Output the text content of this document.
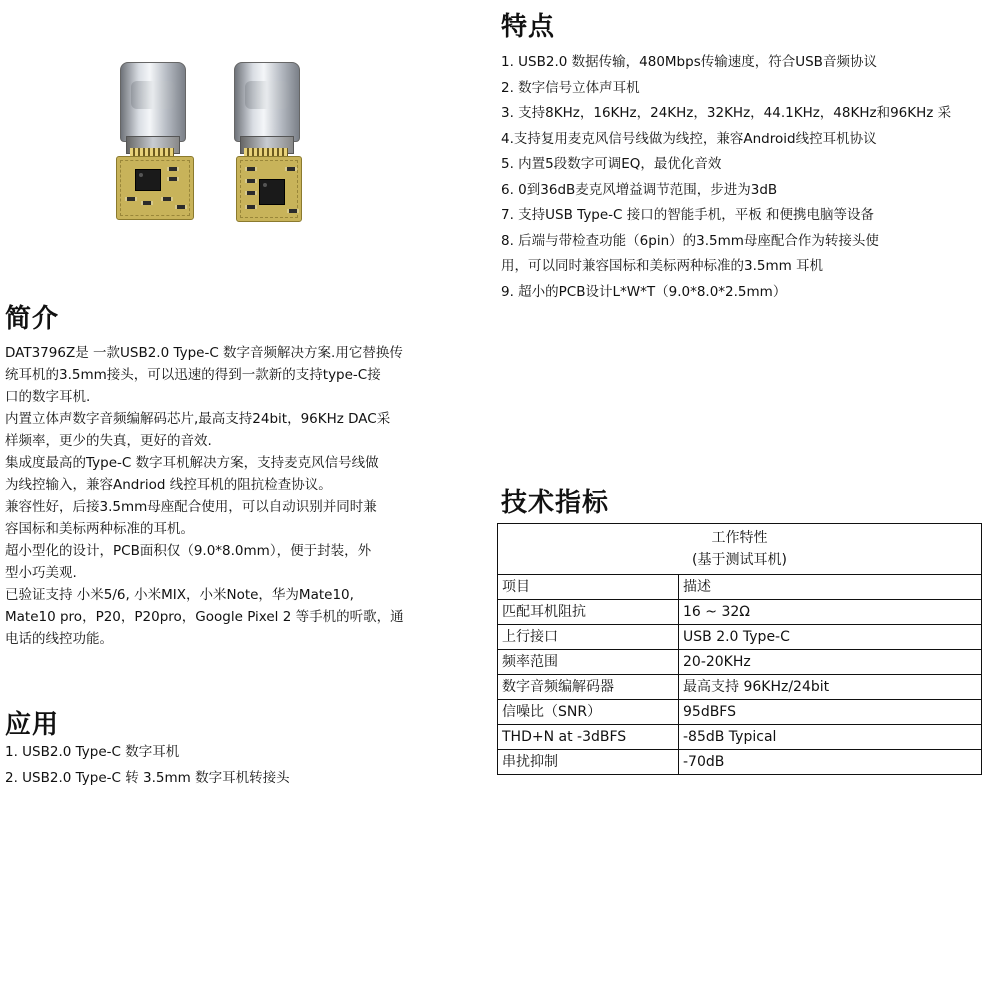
特点
1. USB2.0 数据传输，480Mbps传输速度，符合USB音频协议
2. 数字信号立体声耳机
3. 支持8KHz，16KHz，24KHz，32KHz，44.1KHz，48KHz和96KHz 采
4.支持复用麦克风信号线做为线控，兼容Android线控耳机协议
5. 内置5段数字可调EQ，最优化音效
6. 0到36dB麦克风增益调节范围，步进为3dB
7. 支持USB Type-C 接口的智能手机，平板 和便携电脑等设备
8. 后端与带检查功能（6pin）的3.5mm母座配合作为转接头使
用，可以同时兼容国标和美标两种标准的3.5mm 耳机
9. 超小的PCB设计L*W*T（9.0*8.0*2.5mm）
简介
DAT3796Z是 一款USB2.0 Type-C 数字音频解决方案.用它替换传
统耳机的3.5mm接头，可以迅速的得到一款新的支持type-C接
口的数字耳机.
内置立体声数字音频编解码芯片,最高支持24bit，96KHz DAC采
样频率，更少的失真，更好的音效.
集成度最高的Type-C 数字耳机解决方案，支持麦克风信号线做
为线控输入，兼容Andriod 线控耳机的阻抗检查协议。
兼容性好，后接3.5mm母座配合使用，可以自动识别并同时兼
容国标和美标两种标准的耳机。
超小型化的设计，PCB面积仅（9.0*8.0mm），便于封装，外
型小巧美观.
已验证支持 小米5/6, 小米MIX，小米Note，华为Mate10,
Mate10 pro，P20，P20pro，Google Pixel 2 等手机的听歌，通
电话的线控功能。
应用
1. USB2.0 Type-C 数字耳机
2. USB2.0 Type-C 转 3.5mm 数字耳机转接头
技术指标
工作特性
(基于测试耳机)	

项目	描述
匹配耳机阻抗	16 ~ 32Ω
上行接口	USB 2.0 Type-C
频率范围	20-20KHz
数字音频编解码器	最高支持 96KHz/24bit
信噪比（SNR）	95dBFS
THD+N at -3dBFS	-85dB Typical
串扰抑制	-70dB
